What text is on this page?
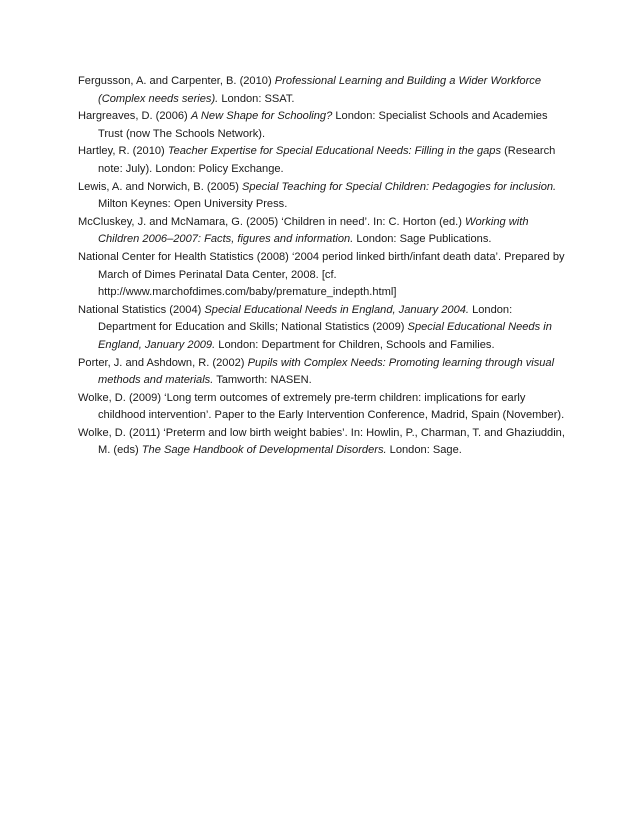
Fergusson, A. and Carpenter, B. (2010) Professional Learning and Building a Wider Workforce (Complex needs series). London: SSAT.
Hargreaves, D. (2006) A New Shape for Schooling? London: Specialist Schools and Academies Trust (now The Schools Network).
Hartley, R. (2010) Teacher Expertise for Special Educational Needs: Filling in the gaps (Research note: July). London: Policy Exchange.
Lewis, A. and Norwich, B. (2005) Special Teaching for Special Children: Pedagogies for inclusion. Milton Keynes: Open University Press.
McCluskey, J. and McNamara, G. (2005) ‘Children in need’. In: C. Horton (ed.) Working with Children 2006–2007: Facts, figures and information. London: Sage Publications.
National Center for Health Statistics (2008) ‘2004 period linked birth/infant death data’. Prepared by March of Dimes Perinatal Data Center, 2008. [cf. http://www.marchofdimes.com/baby/premature_indepth.html]
National Statistics (2004) Special Educational Needs in England, January 2004. London: Department for Education and Skills; National Statistics (2009) Special Educational Needs in England, January 2009. London: Department for Children, Schools and Families.
Porter, J. and Ashdown, R. (2002) Pupils with Complex Needs: Promoting learning through visual methods and materials. Tamworth: NASEN.
Wolke, D. (2009) ‘Long term outcomes of extremely pre-term children: implications for early childhood intervention’. Paper to the Early Intervention Conference, Madrid, Spain (November).
Wolke, D. (2011) ‘Preterm and low birth weight babies’. In: Howlin, P., Charman, T. and Ghaziuddin, M. (eds) The Sage Handbook of Developmental Disorders. London: Sage.
